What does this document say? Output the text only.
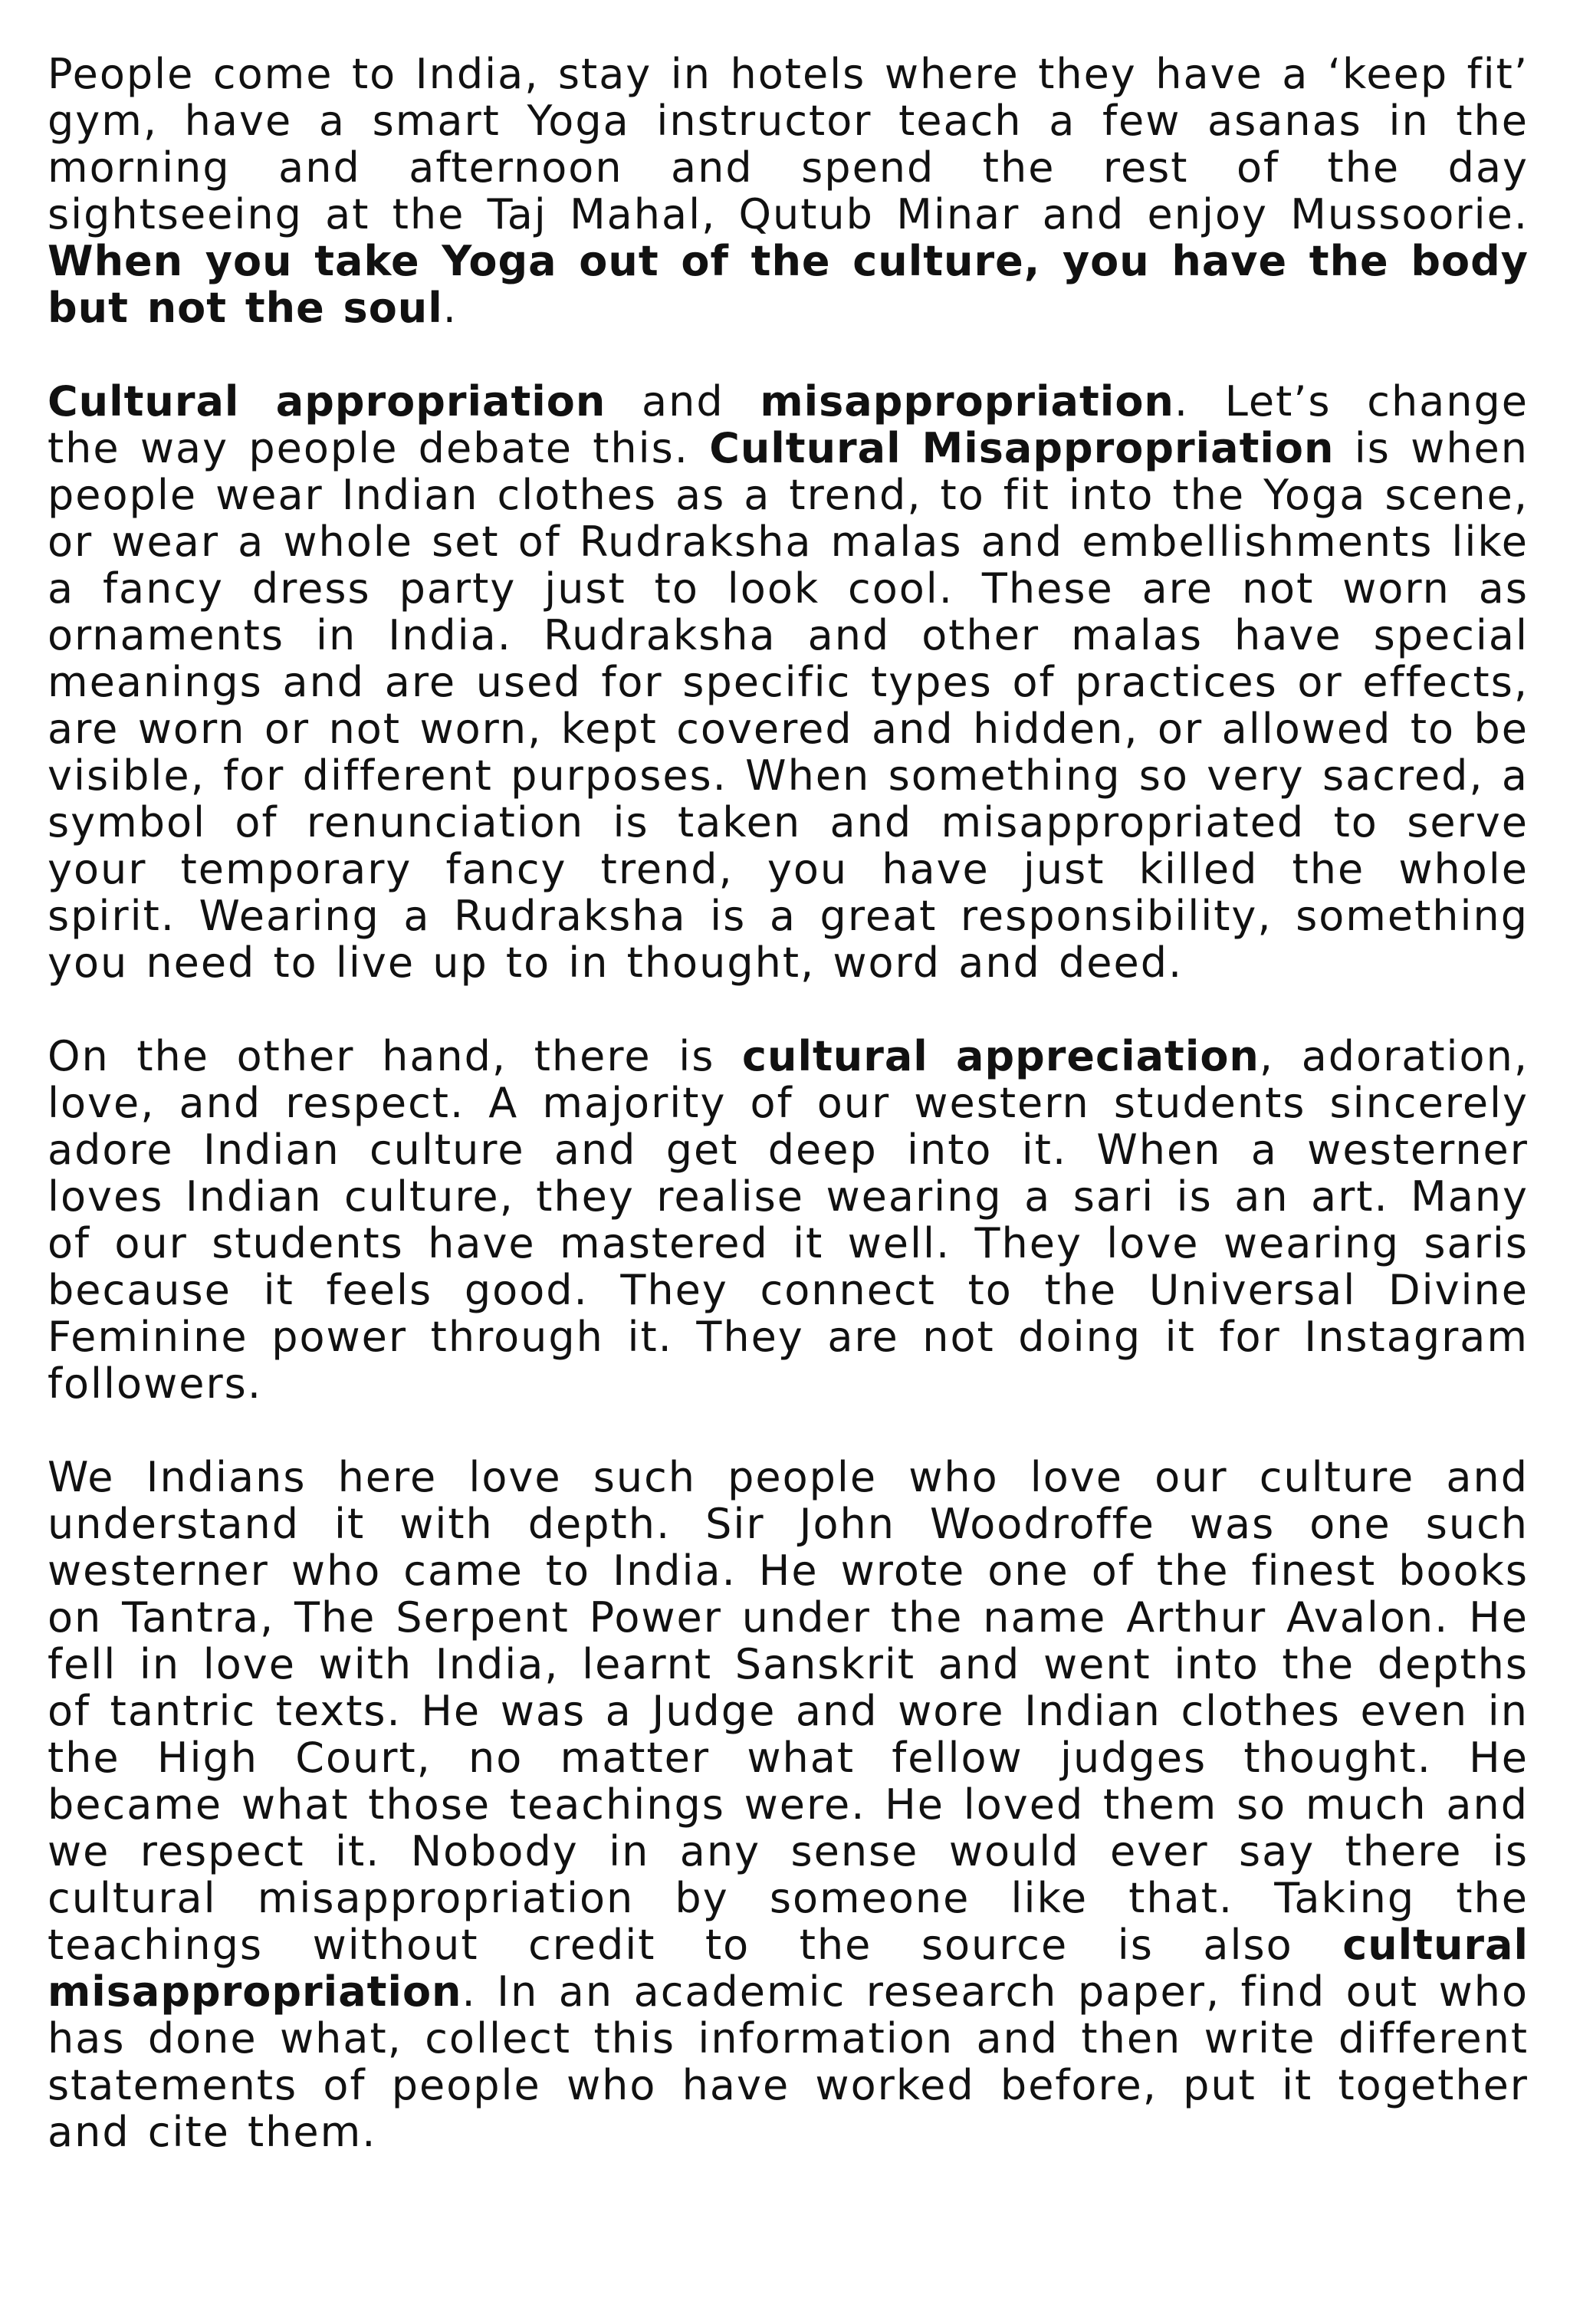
People come to India, stay in hotels where they have a ‘keep fit’ gym, have a smart Yoga instructor teach a few asanas in the morning and afternoon and spend the rest of the day sightseeing at the Taj Mahal, Qutub Minar and enjoy Mussoorie. When you take Yoga out of the culture, you have the body but not the soul.

Cultural appropriation and misappropriation. Let’s change the way people debate this. Cultural Misappropriation is when people wear Indian clothes as a trend, to fit into the Yoga scene, or wear a whole set of Rudraksha malas and embellishments like a fancy dress party just to look cool. These are not worn as ornaments in India. Rudraksha and other malas have special meanings and are used for specific types of practices or effects, are worn or not worn, kept covered and hidden, or allowed to be visible, for different purposes. When something so very sacred, a symbol of renunciation is taken and misappropriated to serve your temporary fancy trend, you have just killed the whole spirit. Wearing a Rudraksha is a great responsibility, something you need to live up to in thought, word and deed.

On the other hand, there is cultural appreciation, adoration, love, and respect. A majority of our western students sincerely adore Indian culture and get deep into it. When a westerner loves Indian culture, they realise wearing a sari is an art. Many of our students have mastered it well. They love wearing saris because it feels good. They connect to the Universal Divine Feminine power through it. They are not doing it for Instagram followers.

We Indians here love such people who love our culture and understand it with depth. Sir John Woodroffe was one such westerner who came to India. He wrote one of the finest books on Tantra, The Serpent Power under the name Arthur Avalon. He fell in love with India, learnt Sanskrit and went into the depths of tantric texts. He was a Judge and wore Indian clothes even in the High Court, no matter what fellow judges thought. He became what those teachings were. He loved them so much and we respect it. Nobody in any sense would ever say there is cultural misappropriation by someone like that. Taking the teachings without credit to the source is also cultural misappropriation. In an academic research paper, find out who has done what, collect this information and then write different statements of people who have worked before, put it together and cite them.
